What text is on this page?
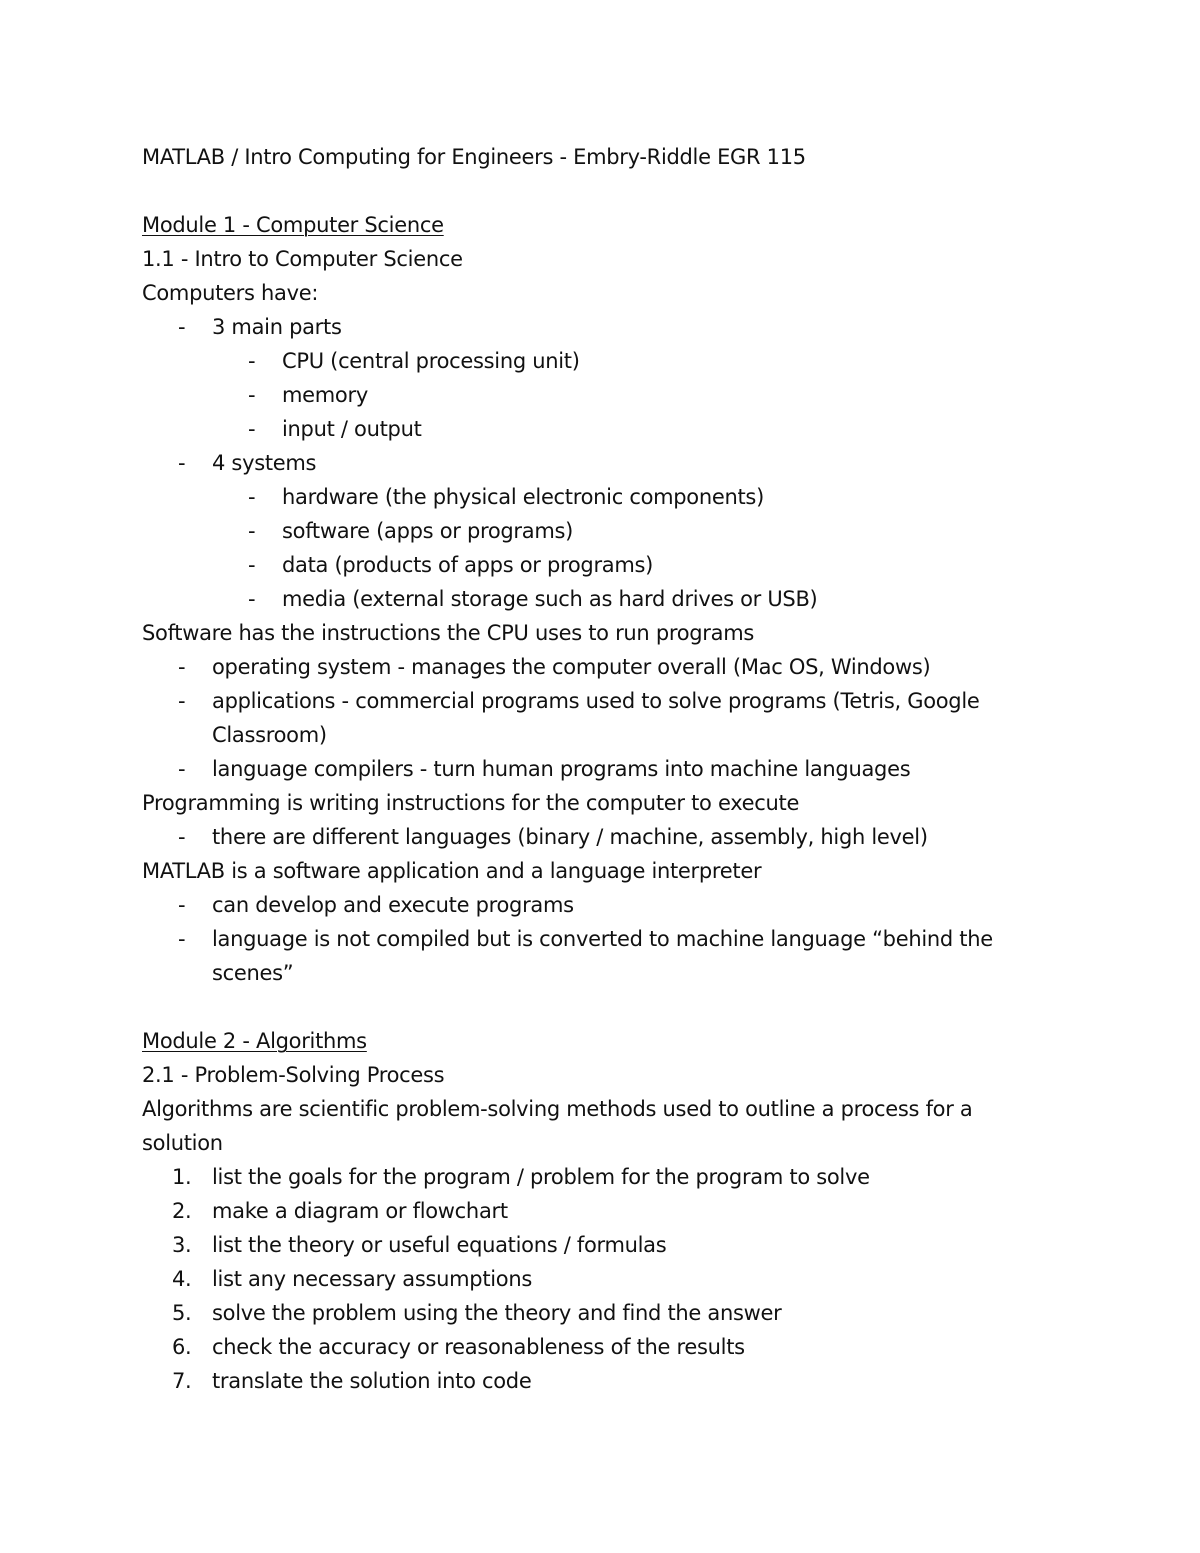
MATLAB / Intro Computing for Engineers - Embry-Riddle EGR 115

Module 1 - Computer Science

1.1 - Intro to Computer Science

Computers have:

-	3 main parts
-	CPU (central processing unit)
-	memory
-	input / output
-	4 systems
-	hardware (the physical electronic components)
-	software (apps or programs)
-	data (products of apps or programs)
-	media (external storage such as hard drives or USB)

Software has the instructions the CPU uses to run programs

-	operating system - manages the computer overall (Mac OS, Windows)
-	applications - commercial programs used to solve programs (Tetris, Google Classroom)
-	language compilers - turn human programs into machine languages

Programming is writing instructions for the computer to execute

-	there are different languages (binary / machine, assembly, high level)

MATLAB is a software application and a language interpreter

-	can develop and execute programs
-	language is not compiled but is converted to machine language “behind the scenes”

Module 2 - Algorithms

2.1 - Problem-Solving Process

Algorithms are scientific problem-solving methods used to outline a process for a solution

1. list the goals for the program / problem for the program to solve
2. make a diagram or flowchart
3. list the theory or useful equations / formulas
4. list any necessary assumptions
5. solve the problem using the theory and find the answer
6. check the accuracy or reasonableness of the results
7. translate the solution into code
